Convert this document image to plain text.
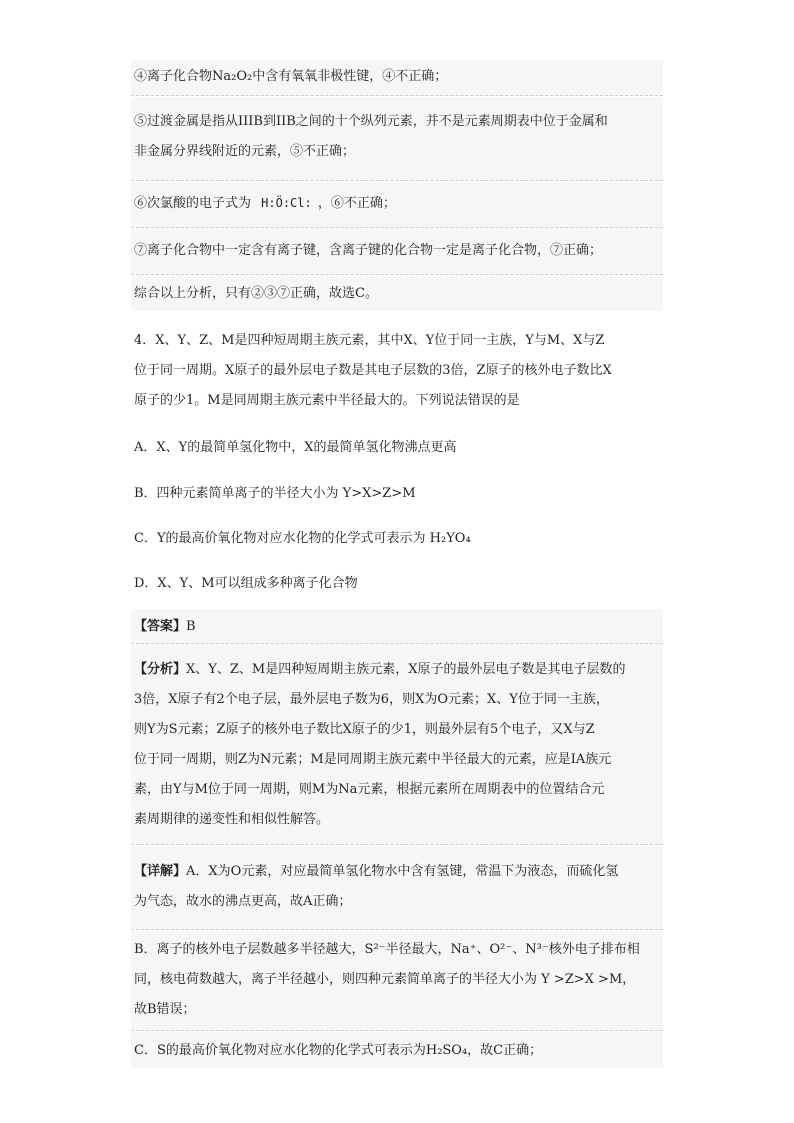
④离子化合物Na₂O₂中含有氧氧非极性键，④不正确；
⑤过渡金属是指从IIIB到IIB之间的十个纵列元素，并不是元素周期表中位于金属和
非金属分界线附近的元素，⑤不正确；
⑥次氯酸的电子式为 H:Ö:Cl: ，⑥不正确；
⑦离子化合物中一定含有离子键，含离子键的化合物一定是离子化合物，⑦正确；
综合以上分析，只有②③⑦正确，故选C。
4．X、Y、Z、M是四种短周期主族元素，其中X、Y位于同一主族，Y与M、X与Z
位于同一周期。X原子的最外层电子数是其电子层数的3倍，Z原子的核外电子数比X
原子的少1。M是同周期主族元素中半径最大的。下列说法错误的是
A．X、Y的最简单氢化物中，X的最简单氢化物沸点更高
B．四种元素简单离子的半径大小为 Y>X>Z>M
C．Y的最高价氧化物对应水化物的化学式可表示为 H₂YO₄
D．X、Y、M可以组成多种离子化合物
【答案】B
【分析】X、Y、Z、M是四种短周期主族元素，X原子的最外层电子数是其电子层数的
3倍，X原子有2个电子层，最外层电子数为6，则X为O元素；X、Y位于同一主族，
则Y为S元素；Z原子的核外电子数比X原子的少1，则最外层有5个电子，又X与Z
位于同一周期，则Z为N元素；M是同周期主族元素中半径最大的元素，应是IA族元
素，由Y与M位于同一周期，则M为Na元素，根据元素所在周期表中的位置结合元
素周期律的递变性和相似性解答。
【详解】A．X为O元素，对应最简单氢化物水中含有氢键，常温下为液态，而硫化氢
为气态，故水的沸点更高，故A正确；
B．离子的核外电子层数越多半径越大，S²⁻半径最大，Na⁺、O²⁻、N³⁻核外电子排布相
同，核电荷数越大，离子半径越小，则四种元素简单离子的半径大小为 Y >Z>X >M，
故B错误；
C．S的最高价氧化物对应水化物的化学式可表示为H₂SO₄，故C正确；
